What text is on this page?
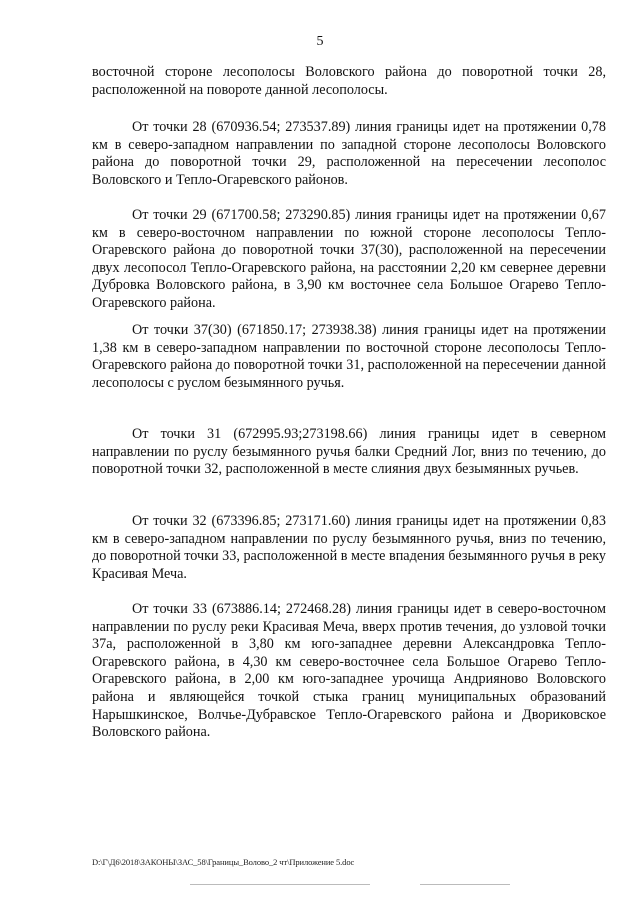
5

восточной стороне лесополосы Воловского района до поворотной точки 28, расположенной на повороте данной лесополосы.

От точки 28 (670936.54; 273537.89) линия границы идет на протяжении 0,78 км в северо-западном направлении по западной стороне лесополосы Воловского района до поворотной точки 29, расположенной на пересечении лесополос Воловского и Тепло-Огаревского районов.

От точки 29 (671700.58; 273290.85) линия границы идет на протяжении 0,67 км в северо-восточном направлении по южной стороне лесополосы Тепло-Огаревского района до поворотной точки 37(30), расположенной на пересечении двух лесопосол Тепло-Огаревского района, на расстоянии 2,20 км севернее деревни Дубровка Воловского района, в 3,90 км восточнее села Большое Огарево Тепло-Огаревского района.

От точки 37(30) (671850.17; 273938.38) линия границы идет на протяжении 1,38 км в северо-западном направлении по восточной стороне лесополосы Тепло-Огаревского района до поворотной точки 31, расположенной на пересечении данной лесополосы с руслом безымянного ручья.

От точки 31 (672995.93;273198.66) линия границы идет в северном направлении по руслу безымянного ручья балки Средний Лог, вниз по течению, до поворотной точки 32, расположенной в месте слияния двух безымянных ручьев.

От точки 32 (673396.85; 273171.60) линия границы идет на протяжении 0,83 км в северо-западном направлении по руслу безымянного ручья, вниз по течению, до поворотной точки 33, расположенной в месте впадения безымянного ручья в реку Красивая Меча.

От точки 33 (673886.14; 272468.28) линия границы идет в северо-восточном направлении по руслу реки Красивая Меча, вверх против течения, до узловой точки 37а, расположенной в 3,80 км юго-западнее деревни Александровка Тепло-Огаревского района, в 4,30 км северо-восточнее села Большое Огарево Тепло-Огаревского района, в 2,00 км юго-западнее урочища Андрияново Воловского района и являющейся точкой стыка границ муниципальных образований Нарышкинское, Волчье-Дубравское Тепло-Огаревского района и Двориковское Воловского района.

D:\Г\Д6\2018\ЗАКОНЫ\ЗАС_58\Границы_Волово_2 чт\Приложение 5.doc
